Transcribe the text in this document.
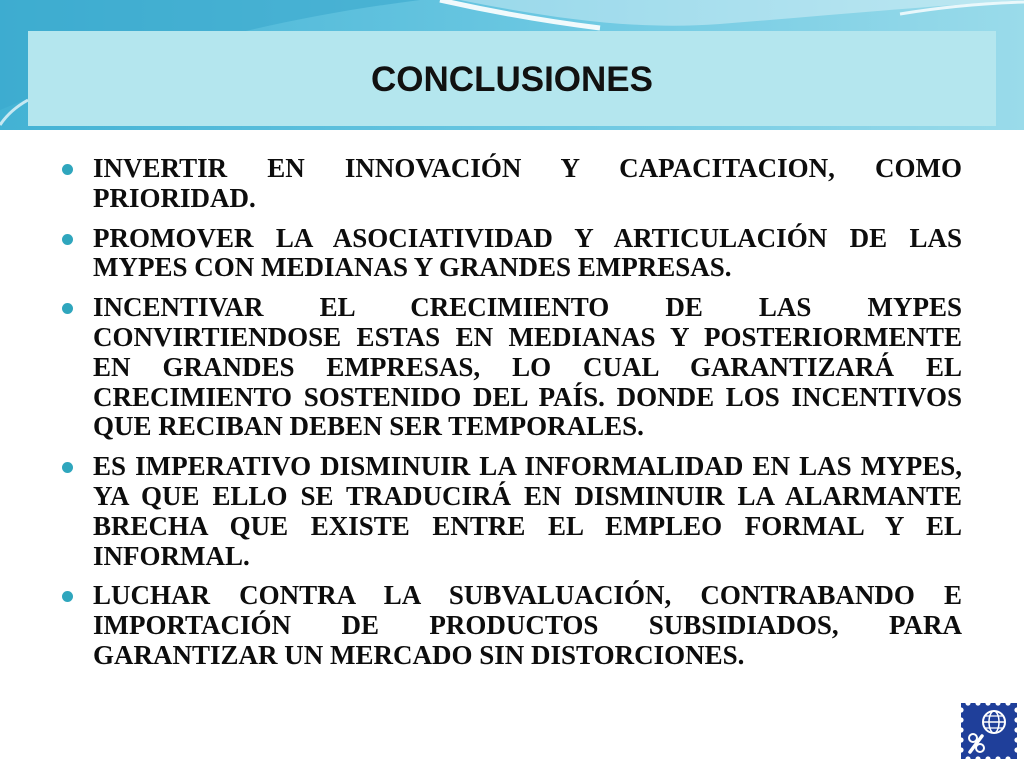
CONCLUSIONES
INVERTIR EN INNOVACIÓN Y CAPACITACION, COMO PRIORIDAD.
PROMOVER LA ASOCIATIVIDAD Y ARTICULACIÓN DE LAS MYPES CON MEDIANAS Y GRANDES EMPRESAS.
INCENTIVAR EL CRECIMIENTO DE LAS MYPES CONVIRTIENDOSE ESTAS EN MEDIANAS Y POSTERIORMENTE EN GRANDES EMPRESAS, LO CUAL GARANTIZARÁ EL CRECIMIENTO SOSTENIDO DEL PAÍS. DONDE LOS INCENTIVOS QUE RECIBAN DEBEN SER TEMPORALES.
ES IMPERATIVO DISMINUIR LA INFORMALIDAD EN LAS MYPES, YA QUE ELLO SE TRADUCIRÁ EN DISMINUIR LA ALARMANTE BRECHA QUE EXISTE ENTRE EL EMPLEO FORMAL Y EL INFORMAL.
LUCHAR CONTRA LA SUBVALUACIÓN, CONTRABANDO E IMPORTACIÓN DE PRODUCTOS SUBSIDIADOS, PARA GARANTIZAR UN MERCADO SIN DISTORCIONES.
